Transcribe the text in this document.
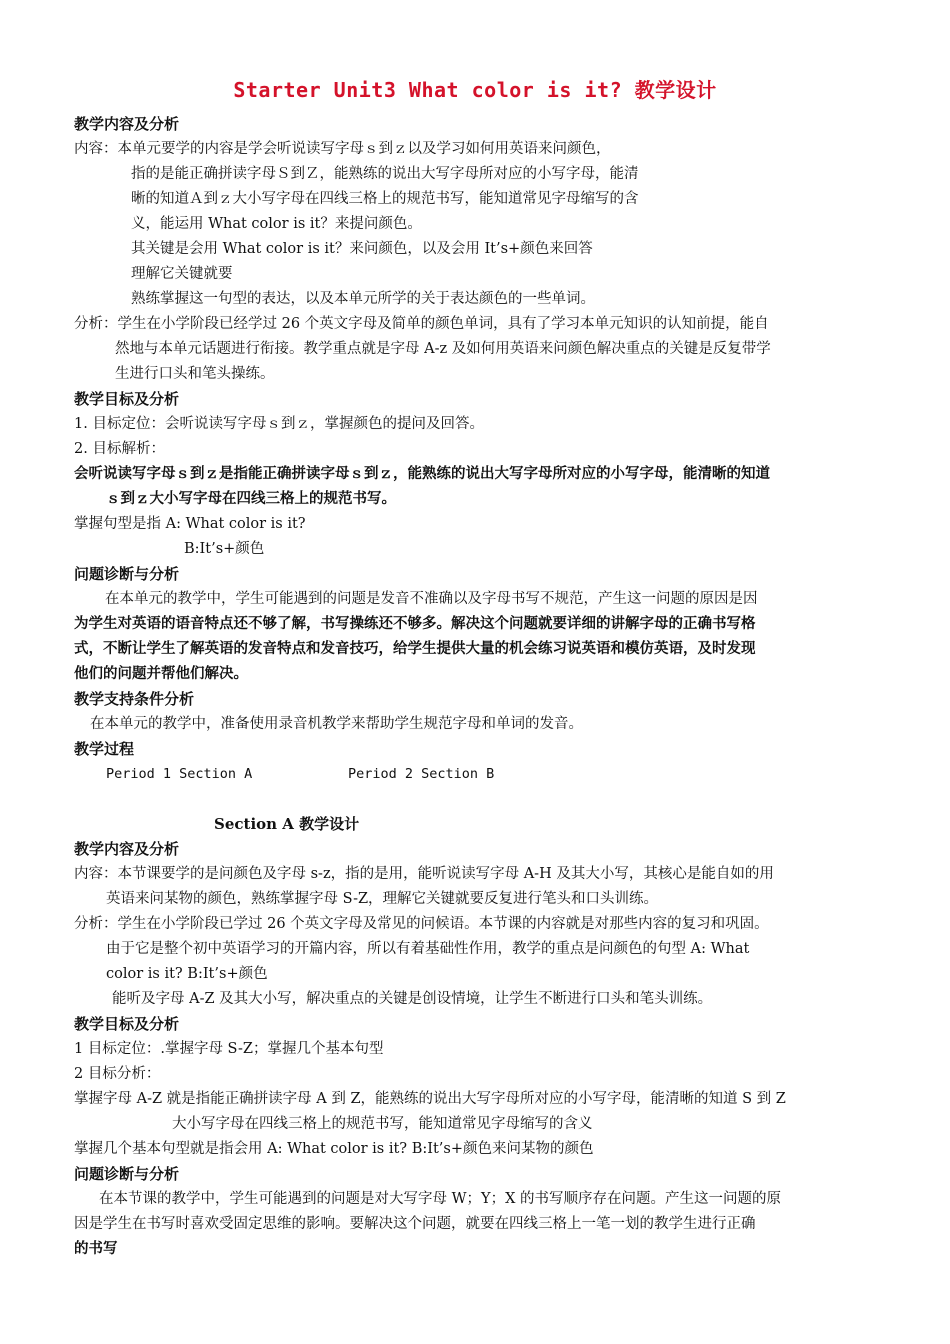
Starter Unit3 What color is it? 教学设计
教学内容及分析
内容：本单元要学的内容是学会听说读写字母ｓ到ｚ以及学习如何用英语来问颜色，
指的是能正确拼读字母Ｓ到Ｚ，能熟练的说出大写字母所对应的小写字母，能清
晰的知道Ａ到ｚ大小写字母在四线三格上的规范书写，能知道常见字母缩写的含
义，能运用 What color is it？来提问颜色。
其关键是会用 What color is it？来问颜色，以及会用 It’s+颜色来回答
理解它关键就要
熟练掌握这一句型的表达，以及本单元所学的关于表达颜色的一些单词。
分析：学生在小学阶段已经学过 26 个英文字母及简单的颜色单词，具有了学习本单元知识的认知前提，能自
然地与本单元话题进行衔接。教学重点就是字母 A-z 及如何用英语来问颜色解决重点的关键是反复带学
生进行口头和笔头操练。
教学目标及分析
1. 目标定位：会听说读写字母ｓ到ｚ，掌握颜色的提问及回答。
2. 目标解析：
会听说读写字母ｓ到ｚ是指能正确拼读字母ｓ到ｚ，能熟练的说出大写字母所对应的小写字母，能清晰的知道
ｓ到ｚ大小写字母在四线三格上的规范书写。
掌握句型是指 A: What color is it?
B:It’s+颜色
问题诊断与分析
在本单元的教学中，学生可能遇到的问题是发音不准确以及字母书写不规范，产生这一问题的原因是因
为学生对英语的语音特点还不够了解，书写操练还不够多。解决这个问题就要详细的讲解字母的正确书写格
式，不断让学生了解英语的发音特点和发音技巧，给学生提供大量的机会练习说英语和模仿英语，及时发现
他们的问题并帮他们解决。
教学支持条件分析
在本单元的教学中，准备使用录音机教学来帮助学生规范字母和单词的发音。
教学过程
Period 1 Section A	Period 2 Section B
Section A 教学设计
教学内容及分析
内容：本节课要学的是问颜色及字母 s-z，指的是用，能听说读写字母 A-H 及其大小写，其核心是能自如的用
英语来问某物的颜色，熟练掌握字母 S-Z，理解它关键就要反复进行笔头和口头训练。
分析：学生在小学阶段已学过 26 个英文字母及常见的问候语。本节课的内容就是对那些内容的复习和巩固。
由于它是整个初中英语学习的开篇内容，所以有着基础性作用，教学的重点是问颜色的句型 A: What
color is it? B:It’s+颜色
能听及字母 A-Z 及其大小写，解决重点的关键是创设情境，让学生不断进行口头和笔头训练。
教学目标及分析
1 目标定位：.掌握字母 S-Z；掌握几个基本句型
2 目标分析：
掌握字母 A-Z 就是指能正确拼读字母 A 到 Z，能熟练的说出大写字母所对应的小写字母，能清晰的知道 S 到 Z
大小写字母在四线三格上的规范书写，能知道常见字母缩写的含义
掌握几个基本句型就是指会用 A: What color is it? B:It’s+颜色来问某物的颜色
问题诊断与分析
在本节课的教学中，学生可能遇到的问题是对大写字母 W；Y；X 的书写顺序存在问题。产生这一问题的原
因是学生在书写时喜欢受固定思维的影响。要解决这个问题，就要在四线三格上一笔一划的教学生进行正确
的书写
